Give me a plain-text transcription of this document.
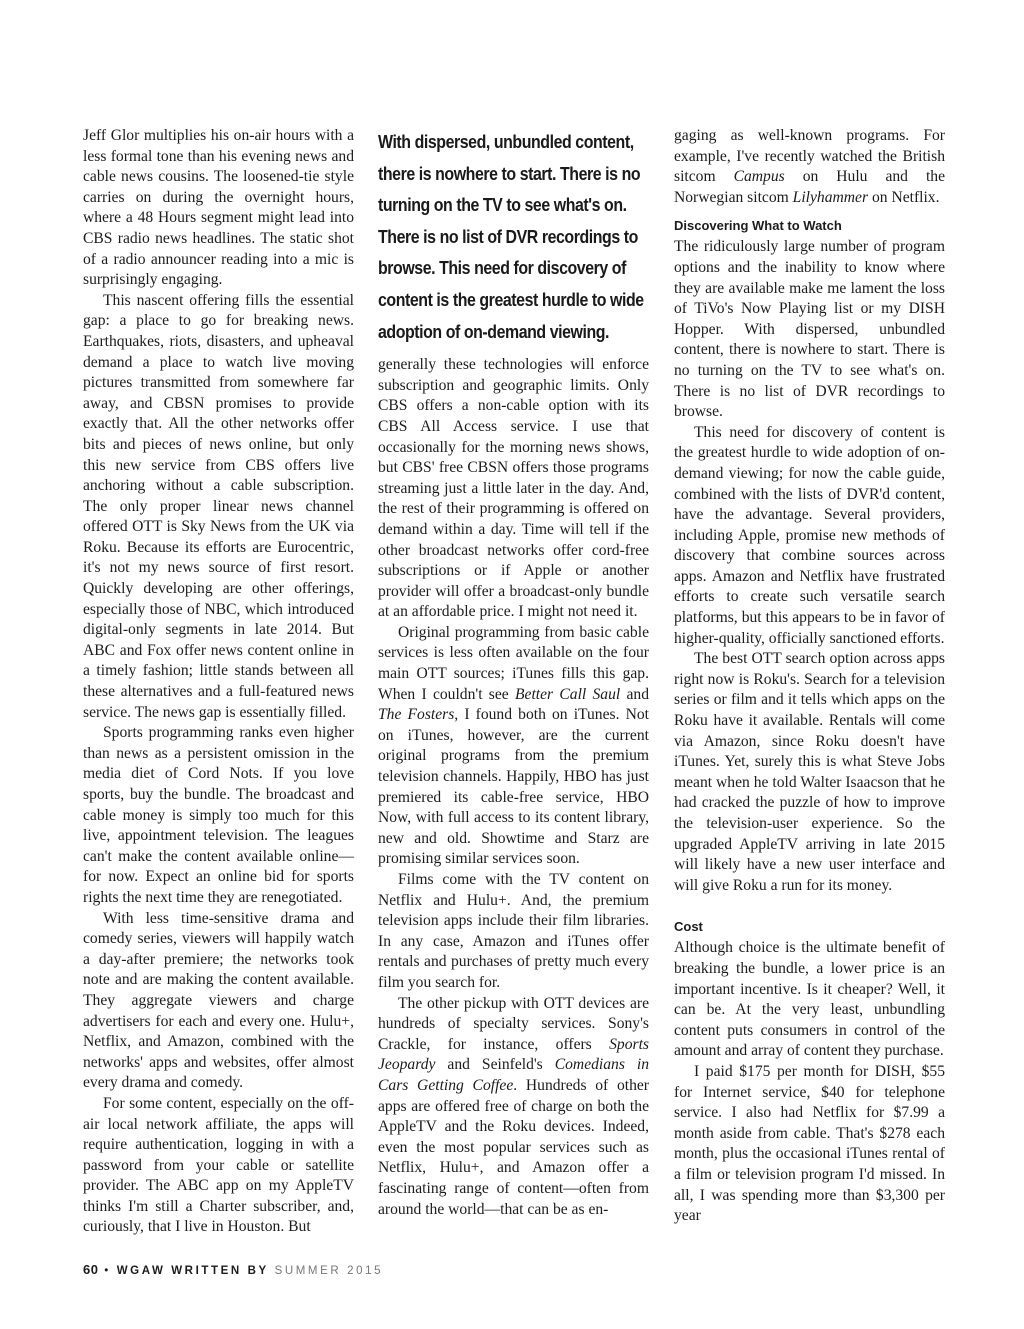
Jeff Glor multiplies his on-air hours with a less formal tone than his evening news and cable news cousins. The loosened-tie style carries on during the overnight hours, where a 48 Hours segment might lead into CBS radio news headlines. The static shot of a radio announcer reading into a mic is surprisingly engaging.

This nascent offering fills the essential gap: a place to go for breaking news. Earthquakes, riots, disasters, and upheaval demand a place to watch live moving pictures transmitted from somewhere far away, and CBSN promises to provide exactly that. All the other networks offer bits and pieces of news online, but only this new service from CBS offers live anchoring without a cable subscription. The only proper linear news channel offered OTT is Sky News from the UK via Roku. Because its efforts are Eurocentric, it's not my news source of first resort. Quickly developing are other offerings, especially those of NBC, which introduced digital-only segments in late 2014. But ABC and Fox offer news content online in a timely fashion; little stands between all these alternatives and a full-featured news service. The news gap is essentially filled.

Sports programming ranks even higher than news as a persistent omission in the media diet of Cord Nots. If you love sports, buy the bundle. The broadcast and cable money is simply too much for this live, appointment television. The leagues can't make the content available online—for now. Expect an online bid for sports rights the next time they are renegotiated.

With less time-sensitive drama and comedy series, viewers will happily watch a day-after premiere; the networks took note and are making the content available. They aggregate viewers and charge advertisers for each and every one. Hulu+, Netflix, and Amazon, combined with the networks' apps and websites, offer almost every drama and comedy.

For some content, especially on the off-air local network affiliate, the apps will require authentication, logging in with a password from your cable or satellite provider. The ABC app on my AppleTV thinks I'm still a Charter subscriber, and, curiously, that I live in Houston. But

With dispersed, unbundled content, there is nowhere to start. There is no turning on the TV to see what's on. There is no list of DVR recordings to browse. This need for discovery of content is the greatest hurdle to wide adoption of on-demand viewing.

generally these technologies will enforce subscription and geographic limits. Only CBS offers a non-cable option with its CBS All Access service. I use that occasionally for the morning news shows, but CBS' free CBSN offers those programs streaming just a little later in the day. And, the rest of their programming is offered on demand within a day. Time will tell if the other broadcast networks offer cord-free subscriptions or if Apple or another provider will offer a broadcast-only bundle at an affordable price. I might not need it.

Original programming from basic cable services is less often available on the four main OTT sources; iTunes fills this gap. When I couldn't see Better Call Saul and The Fosters, I found both on iTunes. Not on iTunes, however, are the current original programs from the premium television channels. Happily, HBO has just premiered its cable-free service, HBO Now, with full access to its content library, new and old. Showtime and Starz are promising similar services soon.

Films come with the TV content on Netflix and Hulu+. And, the premium television apps include their film libraries. In any case, Amazon and iTunes offer rentals and purchases of pretty much every film you search for.

The other pickup with OTT devices are hundreds of specialty services. Sony's Crackle, for instance, offers Sports Jeopardy and Seinfeld's Comedians in Cars Getting Coffee. Hundreds of other apps are offered free of charge on both the AppleTV and the Roku devices. Indeed, even the most popular services such as Netflix, Hulu+, and Amazon offer a fascinating range of content—often from around the world—that can be as en-

gaging as well-known programs. For example, I've recently watched the British sitcom Campus on Hulu and the Norwegian sitcom Lilyhammer on Netflix.

Discovering What to Watch

The ridiculously large number of program options and the inability to know where they are available make me lament the loss of TiVo's Now Playing list or my DISH Hopper. With dispersed, unbundled content, there is nowhere to start. There is no turning on the TV to see what's on. There is no list of DVR recordings to browse.

This need for discovery of content is the greatest hurdle to wide adoption of on-demand viewing; for now the cable guide, combined with the lists of DVR'd content, have the advantage. Several providers, including Apple, promise new methods of discovery that combine sources across apps. Amazon and Netflix have frustrated efforts to create such versatile search platforms, but this appears to be in favor of higher-quality, officially sanctioned efforts.

The best OTT search option across apps right now is Roku's. Search for a television series or film and it tells which apps on the Roku have it available. Rentals will come via Amazon, since Roku doesn't have iTunes. Yet, surely this is what Steve Jobs meant when he told Walter Isaacson that he had cracked the puzzle of how to improve the television-user experience. So the upgraded AppleTV arriving in late 2015 will likely have a new user interface and will give Roku a run for its money.

Cost

Although choice is the ultimate benefit of breaking the bundle, a lower price is an important incentive. Is it cheaper? Well, it can be. At the very least, unbundling content puts consumers in control of the amount and array of content they purchase.

I paid $175 per month for DISH, $55 for Internet service, $40 for telephone service. I also had Netflix for $7.99 a month aside from cable. That's $278 each month, plus the occasional iTunes rental of a film or television program I'd missed. In all, I was spending more than $3,300 per year

60 • WGAW WRITTEN BY SUMMER 2015
